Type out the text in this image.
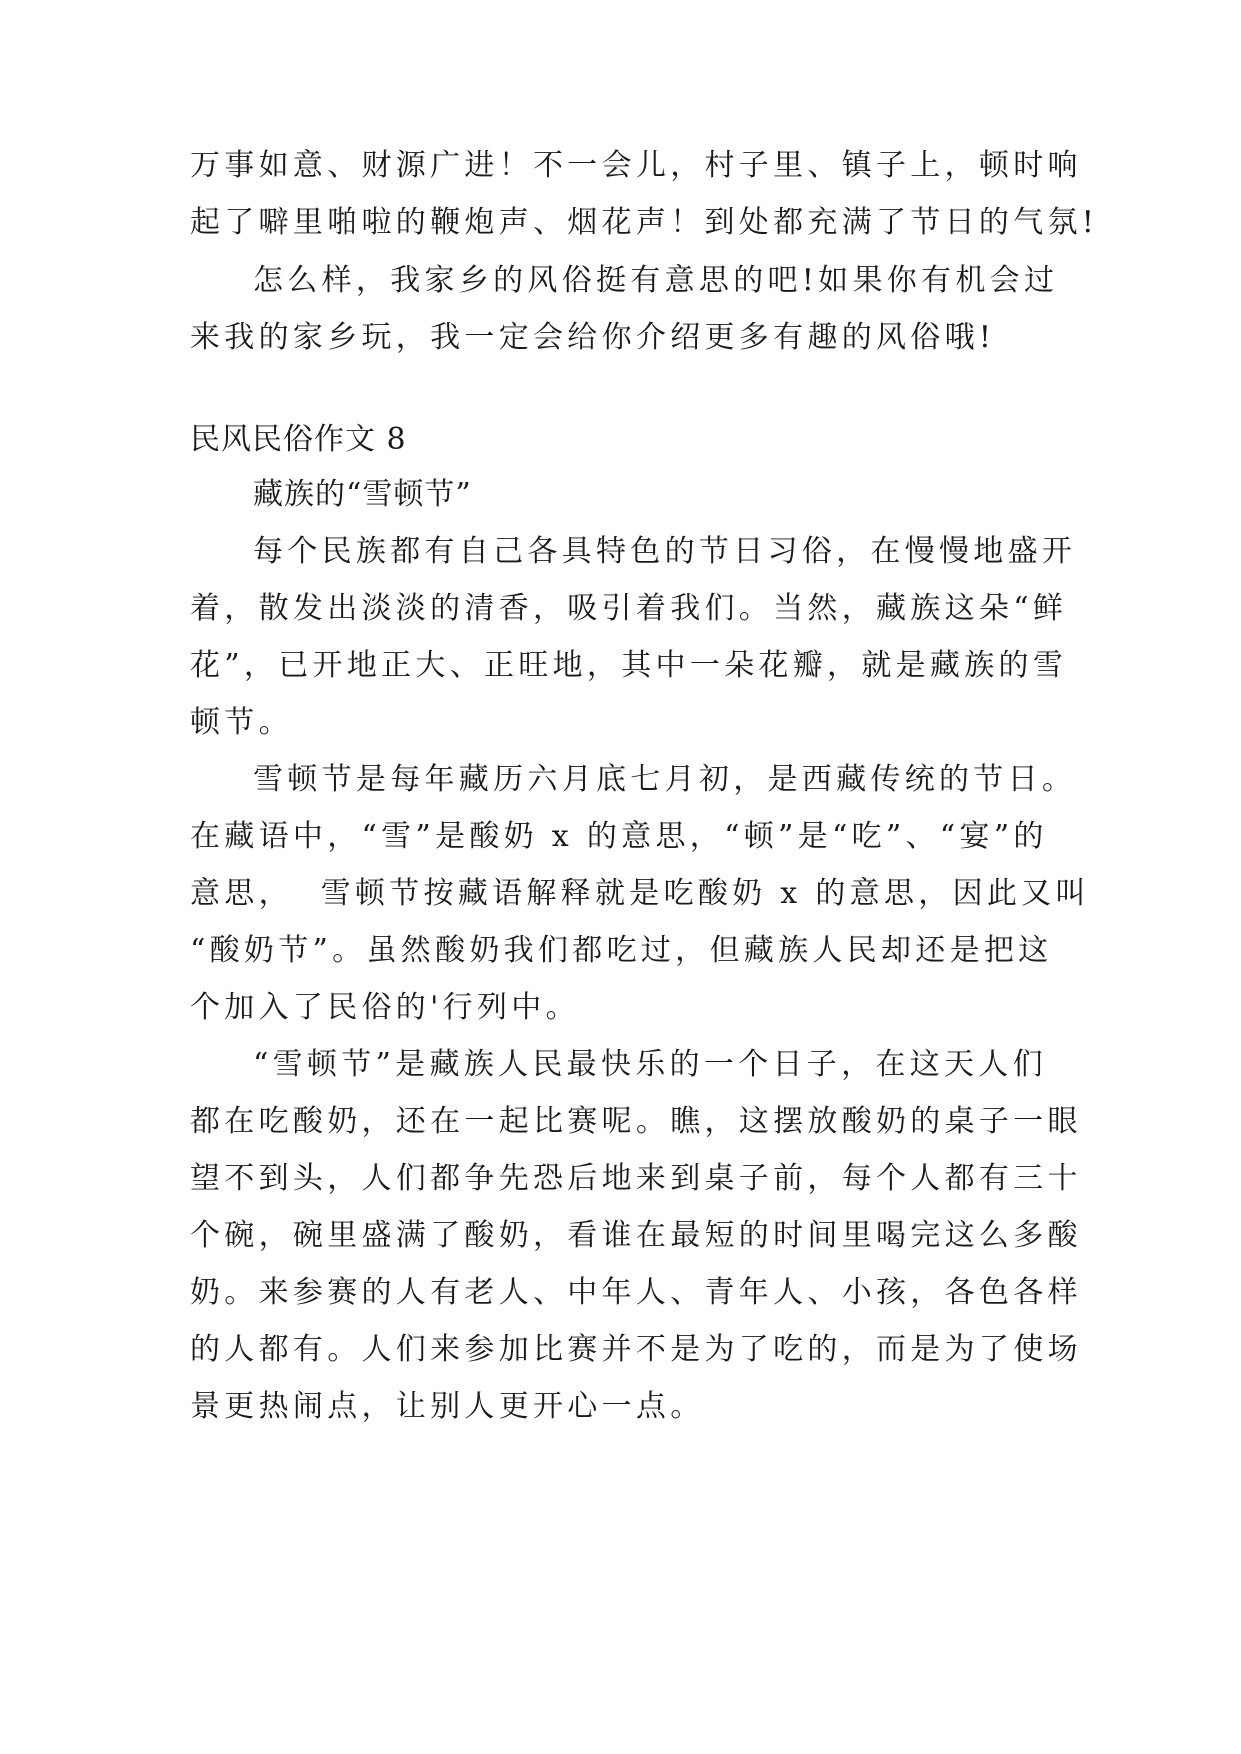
万事如意、财源广进！不一会儿，村子里、镇子上，顿时响
起了噼里啪啦的鞭炮声、烟花声！到处都充满了节日的气氛!
怎么样，我家乡的风俗挺有意思的吧!如果你有机会过
来我的家乡玩，我一定会给你介绍更多有趣的风俗哦!
民风民俗作文 8
藏族的“雪顿节”
每个民族都有自己各具特色的节日习俗，在慢慢地盛开
着，散发出淡淡的清香，吸引着我们。当然，藏族这朵“鲜
花”，已开地正大、正旺地，其中一朵花瓣，就是藏族的雪
顿节。
雪顿节是每年藏历六月底七月初，是西藏传统的节日。
在藏语中，“雪”是酸奶 x 的意思，“顿”是“吃”、“宴”的
意思，  雪顿节按藏语解释就是吃酸奶 x 的意思，因此又叫
“酸奶节”。虽然酸奶我们都吃过，但藏族人民却还是把这
个加入了民俗的'行列中。
“雪顿节”是藏族人民最快乐的一个日子，在这天人们
都在吃酸奶，还在一起比赛呢。瞧，这摆放酸奶的桌子一眼
望不到头，人们都争先恐后地来到桌子前，每个人都有三十
个碗，碗里盛满了酸奶，看谁在最短的时间里喝完这么多酸
奶。来参赛的人有老人、中年人、青年人、小孩，各色各样
的人都有。人们来参加比赛并不是为了吃的，而是为了使场
景更热闹点，让别人更开心一点。
